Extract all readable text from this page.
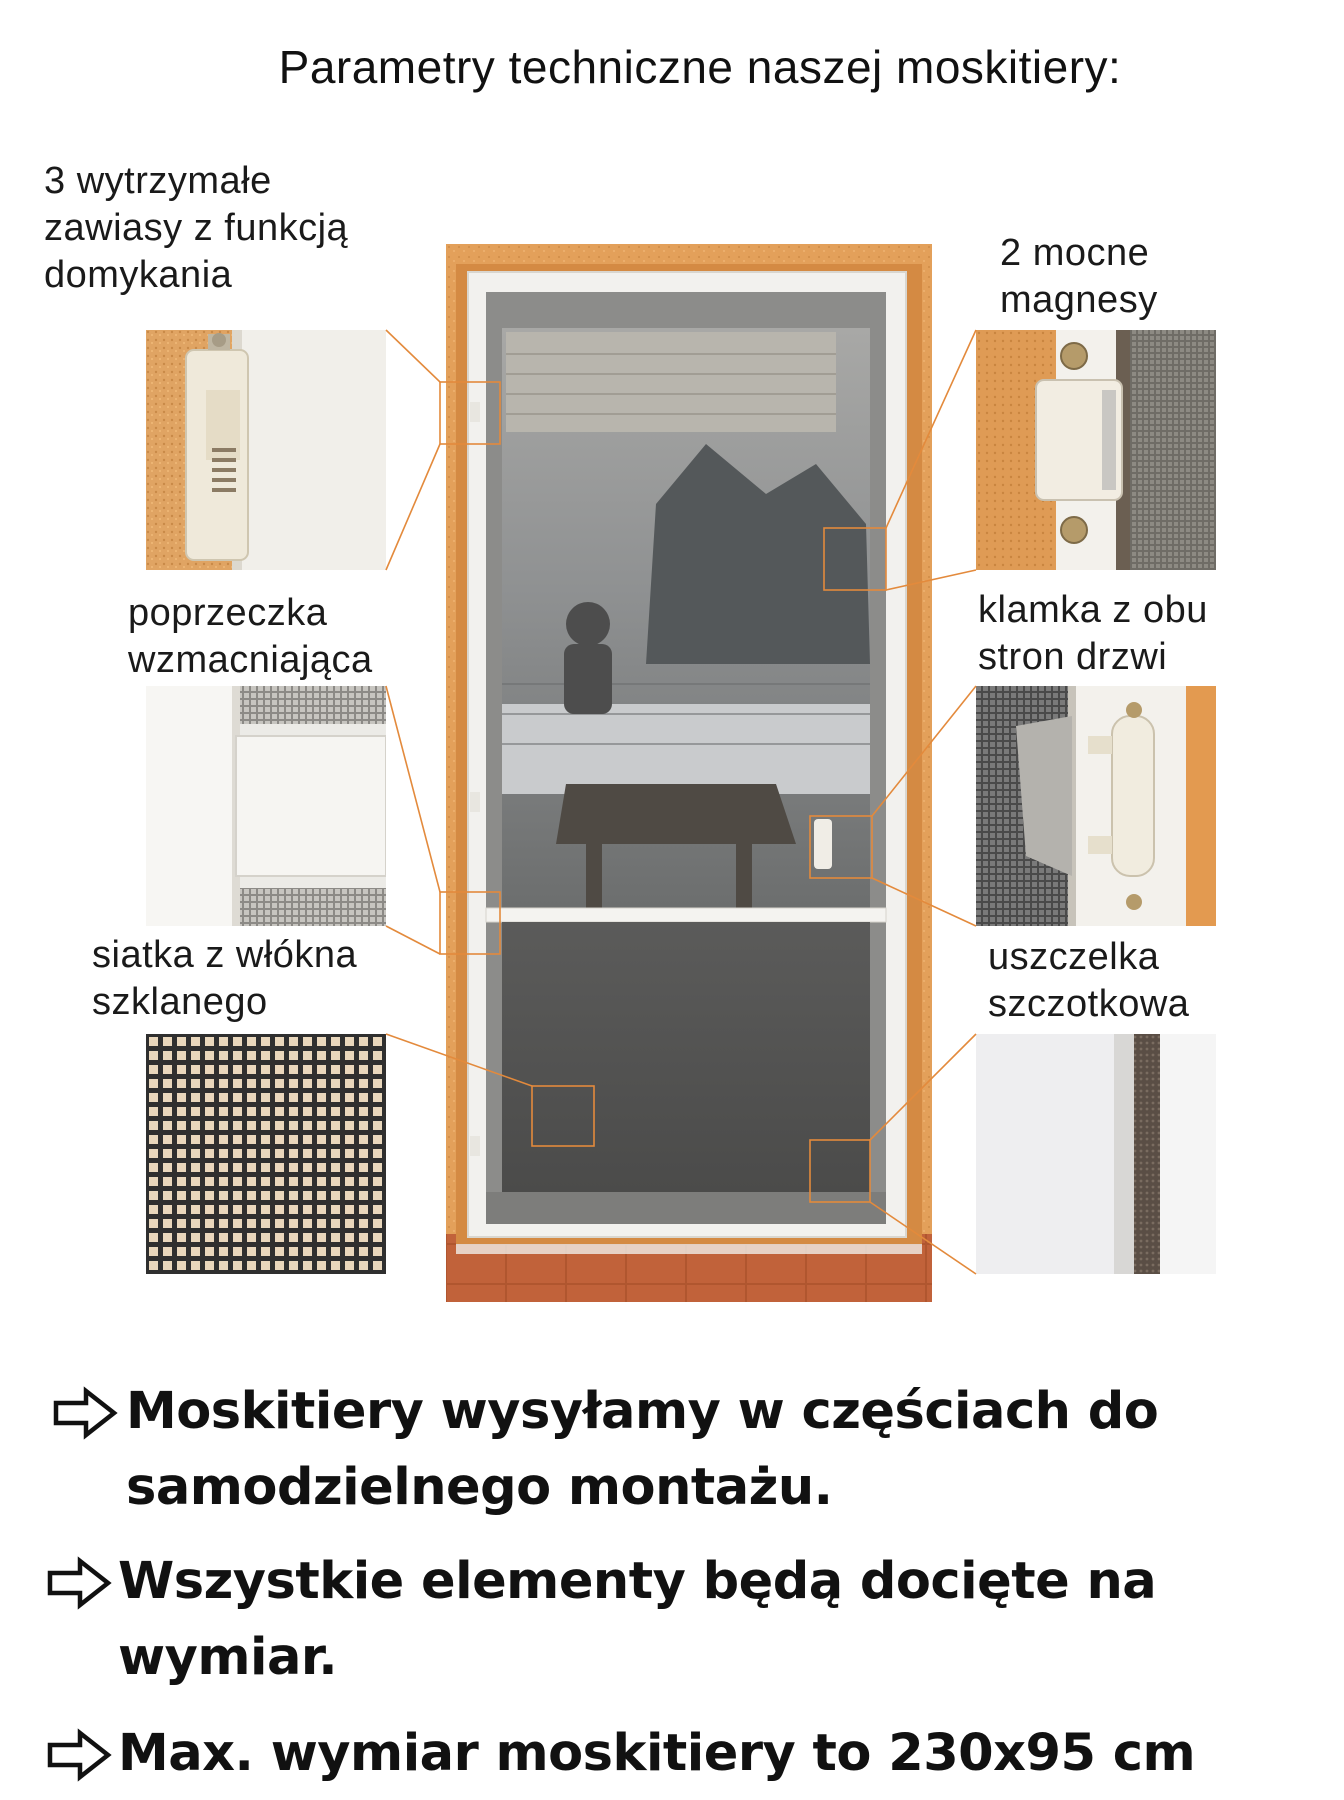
Parametry techniczne naszej moskitiery:
3 wytrzymałe
zawiasy z funkcją
domykania
poprzeczka
wzmacniająca
siatka z włókna
szklanego
2 mocne
magnesy
klamka z obu
stron drzwi
uszczelka
szczotkowa
Moskitiery wysyłamy w częściach do
samodzielnego montażu.
Wszystkie elementy będą docięte na wymiar.
Max. wymiar moskitiery to 230x95 cm
